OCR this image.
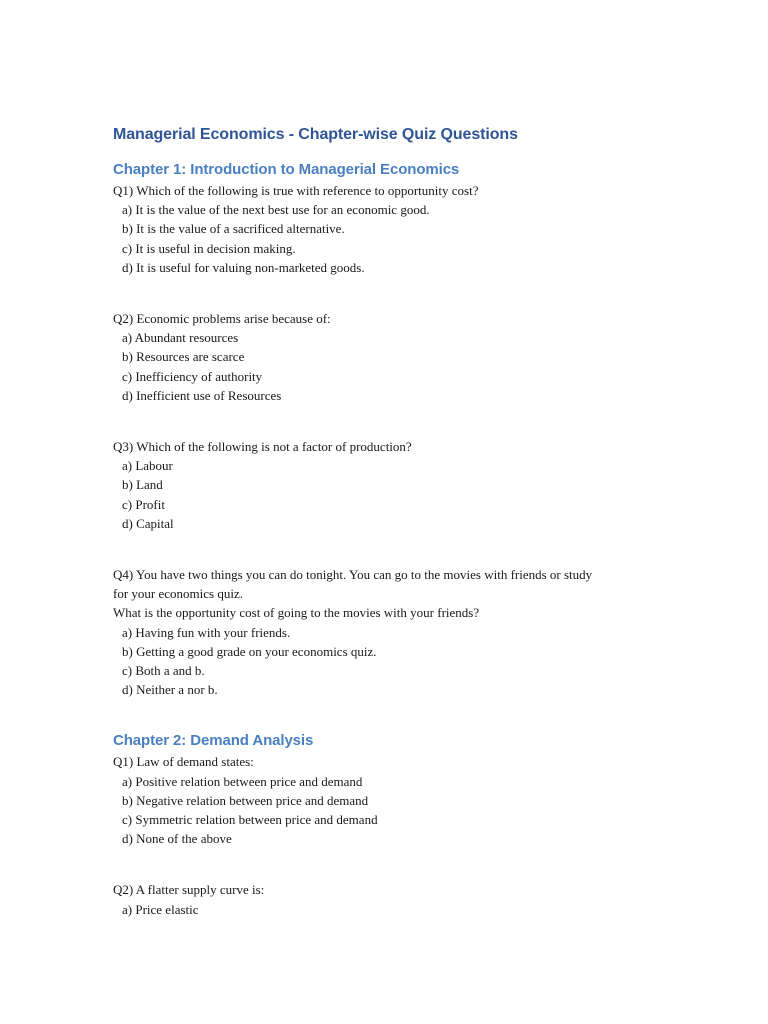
Managerial Economics - Chapter-wise Quiz Questions
Chapter 1: Introduction to Managerial Economics

Q1) Which of the following is true with reference to opportunity cost?

a) It is the value of the next best use for an economic good.
b) It is the value of a sacrificed alternative.
c) It is useful in decision making.
d) It is useful for valuing non-marketed goods.

Q2) Economic problems arise because of:

a) Abundant resources
b) Resources are scarce
c) Inefficiency of authority
d) Inefficient use of Resources

Q3) Which of the following is not a factor of production?

a) Labour
b) Land
c) Profit
d) Capital

Q4) You have two things you can do tonight. You can go to the movies with friends or study

for your economics quiz.

What is the opportunity cost of going to the movies with your friends?

a) Having fun with your friends.
b) Getting a good grade on your economics quiz.
c) Both a and b.
d) Neither a nor b.
Chapter 2: Demand Analysis

Q1) Law of demand states:

a) Positive relation between price and demand
b) Negative relation between price and demand
c) Symmetric relation between price and demand
d) None of the above

Q2) A flatter supply curve is:

a) Price elastic
